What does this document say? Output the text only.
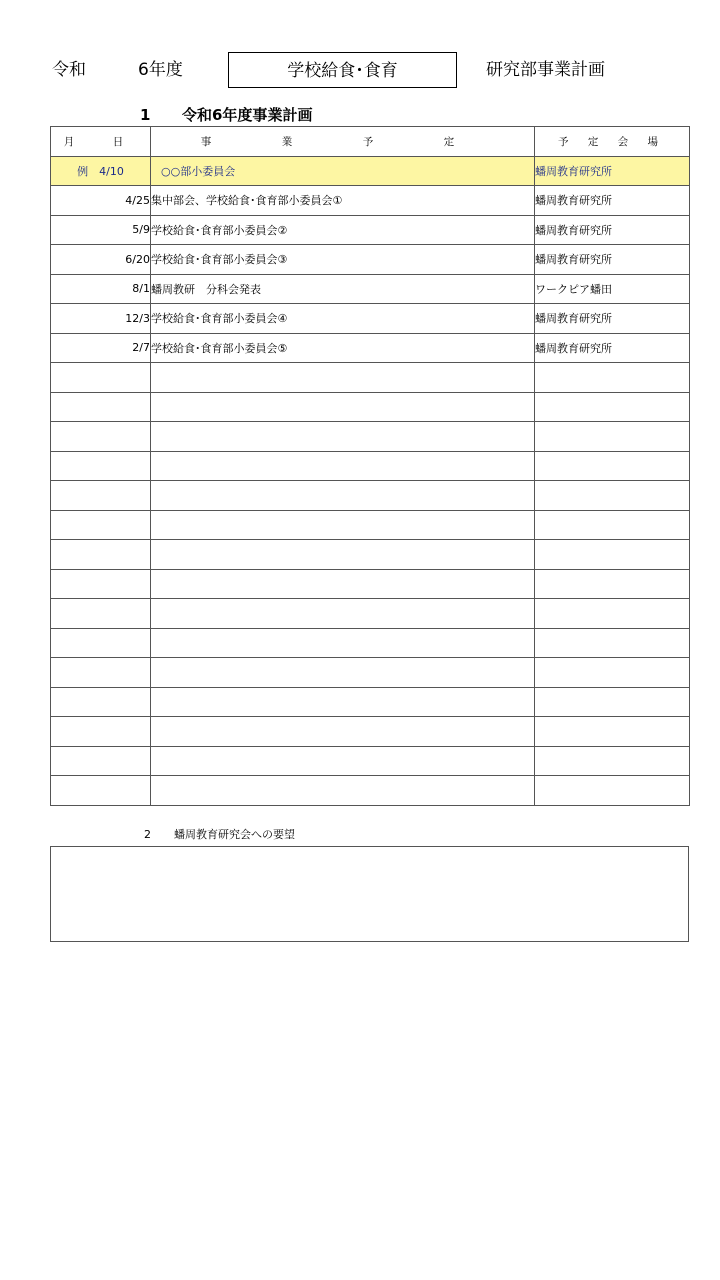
令和	6年度	学校給食･食育	研究部事業計画
1	令和6年度事業計画
月　日	事　業　予　定	予 定 会 場
例　4/10	○○部小委員会	蟠周教育研究所
4/25	集中部会、学校給食･食育部小委員会①	蟠周教育研究所
5/9	学校給食･食育部小委員会②	蟠周教育研究所
6/20	学校給食･食育部小委員会③	蟠周教育研究所
8/1	蟠周教研　分科会発表	ワークピア蟠田
12/3	学校給食･食育部小委員会④	蟠周教育研究所
2/7	学校給食･食育部小委員会⑤	蟠周教育研究所

2 蟠周教育研究会への要望
